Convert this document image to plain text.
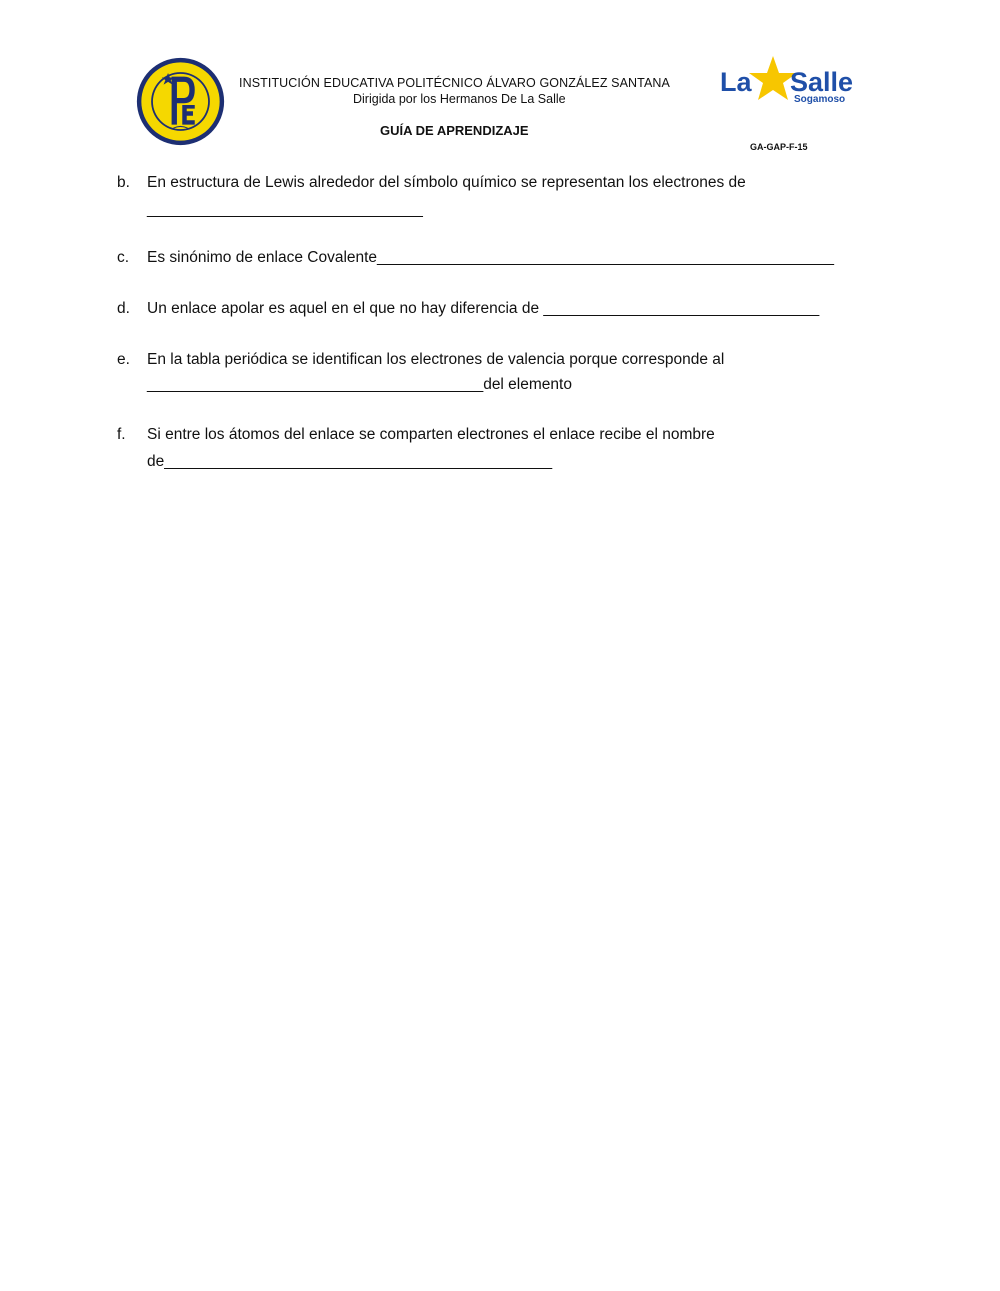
INSTITUCIÓN EDUCATIVA POLITÉCNICO ÁLVARO GONZÁLEZ SANTANA
Dirigida por los Hermanos De La Salle
GUÍA DE APRENDIZAJE
GA-GAP-F-15
La Salle
Sogamoso
b. En estructura de Lewis alrededor del símbolo químico se representan los electrones de
________________________________
c. Es sinónimo de enlace Covalente_____________________________________________________
d. Un enlace apolar es aquel en el que no hay diferencia de ________________________________
e. En la tabla periódica se identifican los electrones de valencia porque corresponde al
_______________________________________del elemento
f. Si entre los átomos del enlace se comparten electrones el enlace recibe el nombre
de_____________________________________________
